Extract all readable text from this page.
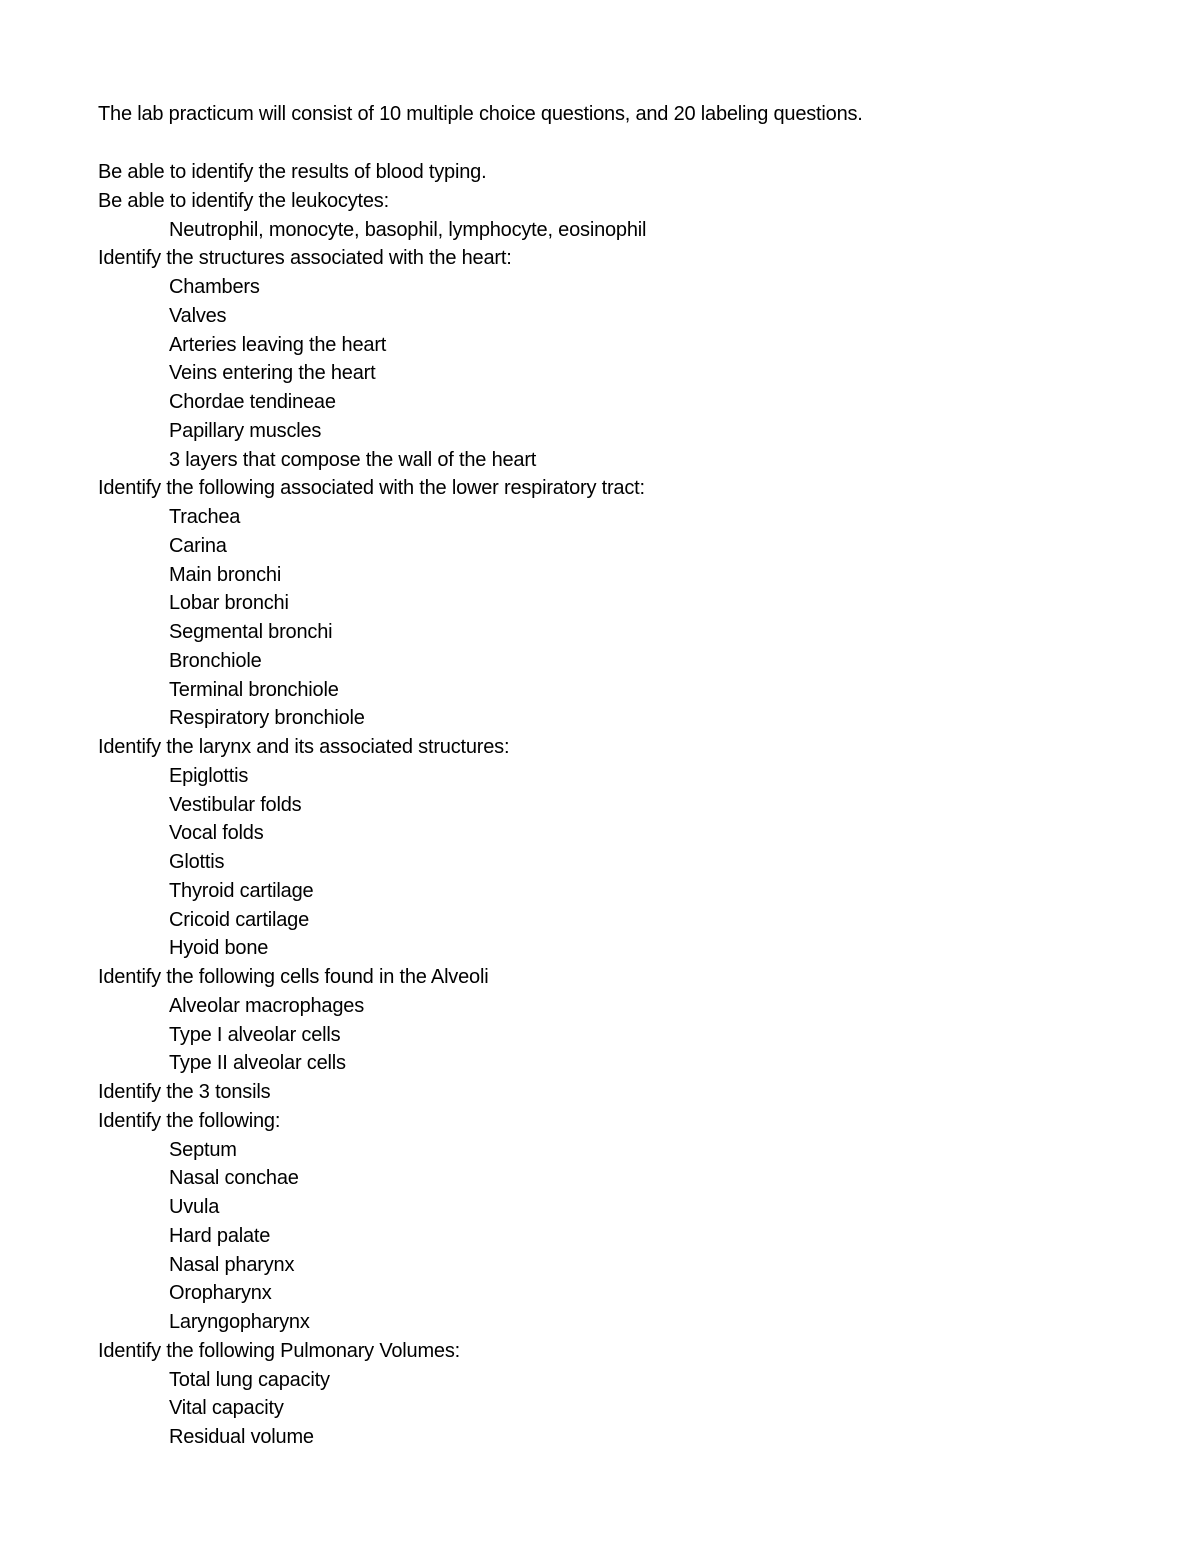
The lab practicum will consist of 10 multiple choice questions, and 20 labeling questions.
Be able to identify the results of blood typing.
Be able to identify the leukocytes:
Neutrophil, monocyte, basophil, lymphocyte, eosinophil
Identify the structures associated with the heart:
Chambers
Valves
Arteries leaving the heart
Veins entering the heart
Chordae tendineae
Papillary muscles
3 layers that compose the wall of the heart
Identify the following associated with the lower respiratory tract:
Trachea
Carina
Main bronchi
Lobar bronchi
Segmental bronchi
Bronchiole
Terminal bronchiole
Respiratory bronchiole
Identify the larynx and its associated structures:
Epiglottis
Vestibular folds
Vocal folds
Glottis
Thyroid cartilage
Cricoid cartilage
Hyoid bone
Identify the following cells found in the Alveoli
Alveolar macrophages
Type I alveolar cells
Type II alveolar cells
Identify the 3 tonsils
Identify the following:
Septum
Nasal conchae
Uvula
Hard palate
Nasal pharynx
Oropharynx
Laryngopharynx
Identify the following Pulmonary Volumes:
Total lung capacity
Vital capacity
Residual volume
